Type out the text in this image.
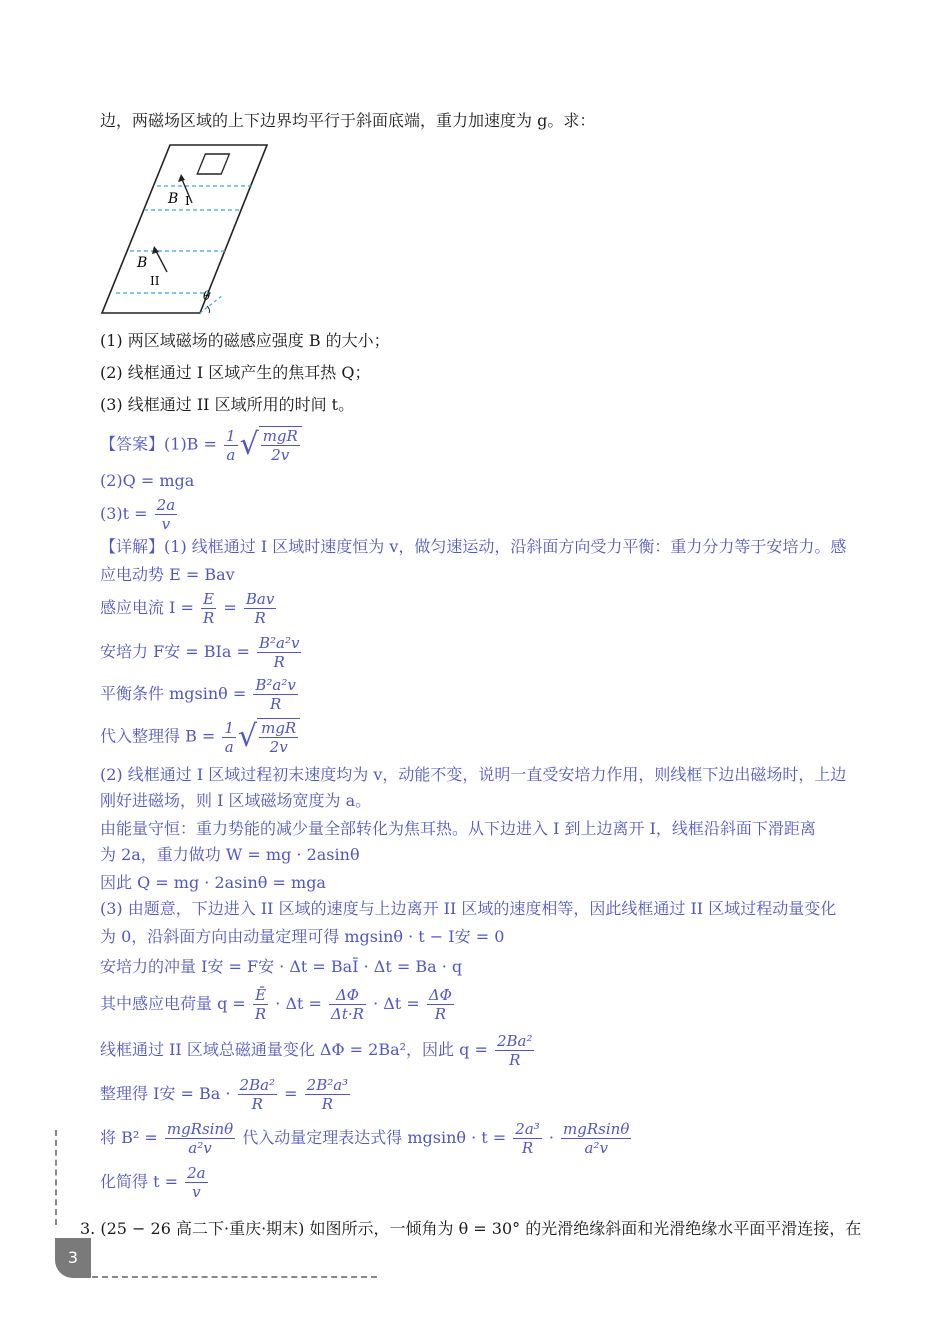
边，两磁场区域的上下边界均平行于斜面底端，重力加速度为 g。求：
B I
B
II
θ
(1) 两区域磁场的磁感应强度 B 的大小；
(2) 线框通过 I 区域产生的焦耳热 Q；
(3) 线框通过 II 区域所用的时间 t。
【答案】$(1)B = \frac{1}{a}$ √ $\frac{\text{mgR}}{2v}$
(2)Q = mga
$(3)t = \frac{2a}{v}$
【详解】(1) 线框通过 I 区域时速度恒为 v，做匀速运动，沿斜面方向受力平衡：重力分力等于安培力。感
应电动势 E = Bav
感应电流 $I = \frac{E}{R} = \frac{\text{Bav}}{R}$
安培力 F安 = BIa = $\frac{\text{B²a²v}}{R}$
平衡条件 $mgsin\theta = \frac{\text{B²a²v}}{R}$
代入整理得 $B = \frac{1}{a}$ √ $\frac{\text{mgR}}{2v}$
(2) 线框通过 I 区域过程初末速度均为 v，动能不变，说明一直受安培力作用，则线框下边出磁场时，上边
刚好进磁场，则 I 区域磁场宽度为 a。
由能量守恒：重力势能的减少量全部转化为焦耳热。从下边进入 I 到上边离开 I，线框沿斜面下滑距离
为 2a，重力做功 W = mg · 2asinθ
因此 Q = mg · 2asinθ = mga
(3) 由题意，下边进入 II 区域的速度与上边离开 II 区域的速度相等，因此线框通过 II 区域过程动量变化
为 0，沿斜面方向由动量定理可得 mgsinθ · t − I安 = 0
安培力的冲量 I安 = F安 · Δt = BaĪ · Δt = Ba · q
其中感应电荷量 $q = \frac{Ē}{R} \cdot \Delta t = \frac{\Delta\Phi}{\Delta t\cdot R} \cdot \Delta t = \frac{\Delta\Phi}{R}$
线框通过 II 区域总磁通量变化 ΔΦ = 2Ba²，因此 $q = \frac{\text{2Ba²}}{R}$
整理得 I安 = $Ba \cdot \frac{\text{2Ba²}}{R} = \frac{\text{2B²a³}}{R}$
将 $B^2 = \frac{\text{mgRsinθ}}{\text{a²v}}$ 代入动量定理表达式得 $mgsin\theta \cdot t = \frac{\text{2a³}}{R} \cdot \frac{\text{mgRsinθ}}{\text{a²v}}$
化简得 $t = \frac{2a}{v}$
3. (25 − 26 高二下·重庆·期末) 如图所示，一倾角为 θ = 30° 的光滑绝缘斜面和光滑绝缘水平面平滑连接，在
3
